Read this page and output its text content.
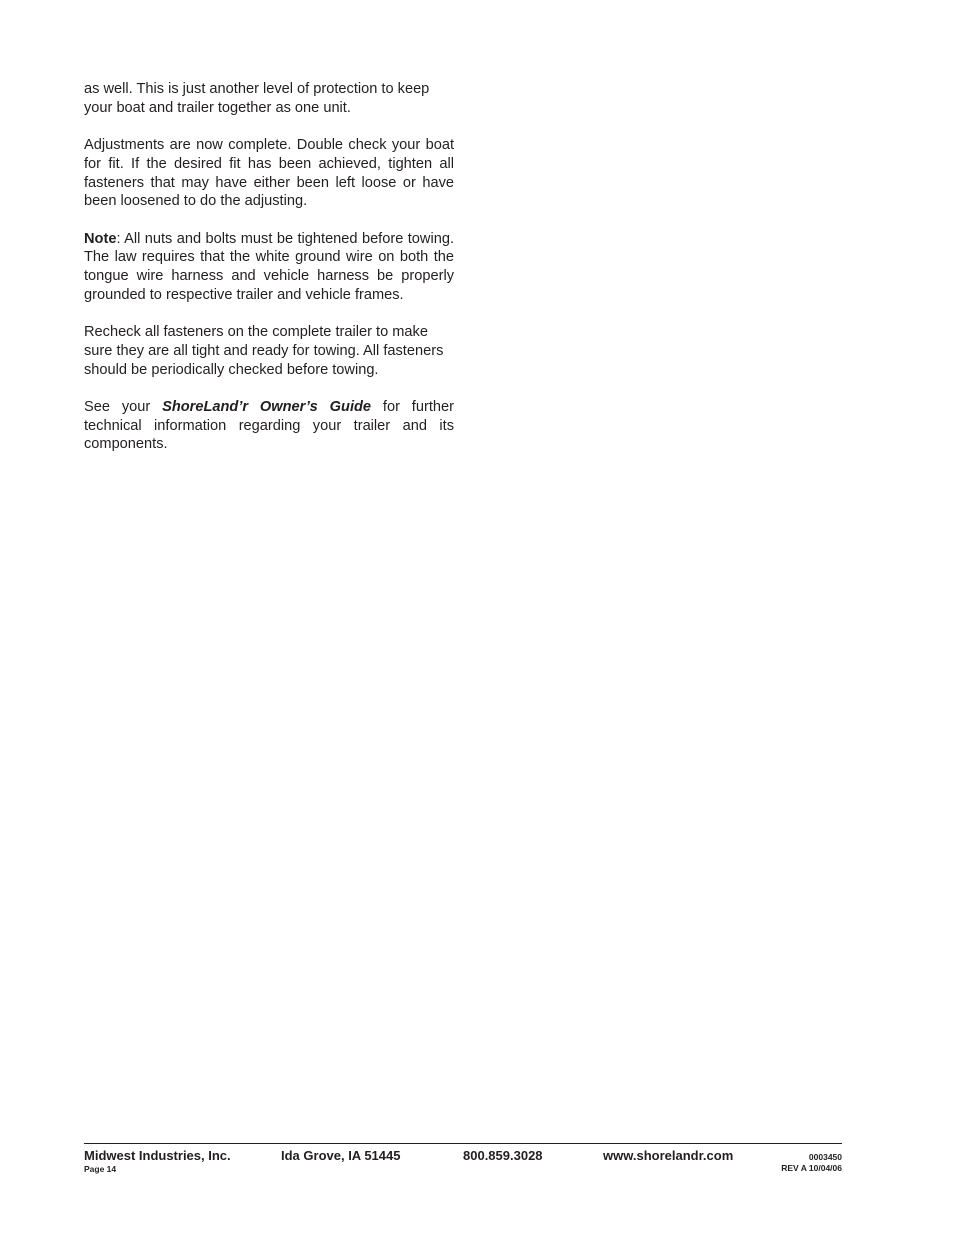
as well. This is just another level of protection to keep your boat and trailer together as one unit.

Adjustments are now complete. Double check your boat for fit. If the desired fit has been achieved, tighten all fasteners that may have either been left loose or have been loosened to do the adjusting.

Note: All nuts and bolts must be tightened before towing. The law requires that the white ground wire on both the tongue wire harness and vehicle harness be properly grounded to respective trailer and vehicle frames.

Recheck all fasteners on the complete trailer to make sure they are all tight and ready for towing. All fasteners should be periodically checked before towing.

See your ShoreLand’r Owner’s Guide for further technical information regarding your trailer and its components.

Midwest Industries, Inc.	Ida Grove, IA 51445	800.859.3028	www.shorelandr.com
Page 14
0003450
REV A 10/04/06
